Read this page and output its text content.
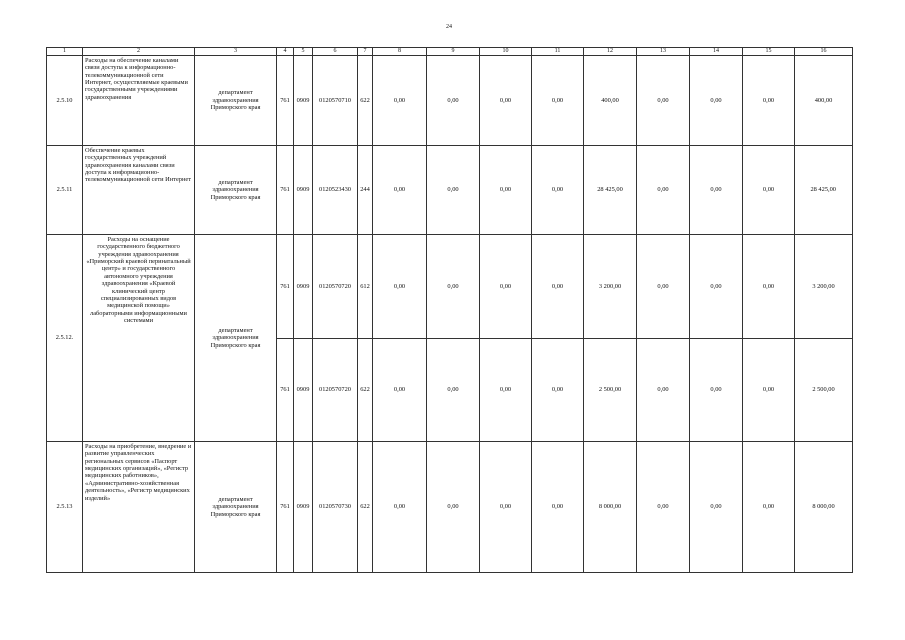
24
1	2	3	4	5	6	7	8	9	10	11	12	13	14	15	16
2.5.10	Расходы на обеспечение каналами связи доступа к информационно-телекоммуникационной сети Интернет, осуществляемые краевыми государственными учреждениями здравоохранения	департамент здравоохранения Приморского края	761	0909	0120570710	622	0,00	0,00	0,00	0,00	400,00	0,00	0,00	0,00	400,00
2.5.11	Обеспечение краевых государственных учреждений здравоохранения каналами связи доступа к информационно-телекоммуникационной сети Интернет	департамент здравоохранения Приморского края	761	0909	0120523430	244	0,00	0,00	0,00	0,00	28 425,00	0,00	0,00	0,00	28 425,00
2.5.12.	Расходы на оснащение государственного бюджетного учреждения здравоохранения «Приморский краевой перинатальный центр» и государственного автономного учреждения здравоохранения «Краевой клинический центр специализированных видов медицинской помощи» лабораторными информационными системами	департамент здравоохранения Приморского края	761	0909	0120570720	612	0,00	0,00	0,00	0,00	3 200,00	0,00	0,00	0,00	3 200,00
			761	0909	0120570720	622	0,00	0,00	0,00	0,00	2 500,00	0,00	0,00	0,00	2 500,00
2.5.13	Расходы на приобретение, внедрение и развитие управленческих региональных сервисов «Паспорт медицинских организаций», «Регистр медицинских работников», «Административно-хозяйственная деятельность», «Регистр медицинских изделий»	департамент здравоохранения Приморского края	761	0909	0120570730	622	0,00	0,00	0,00	0,00	8 000,00	0,00	0,00	0,00	8 000,00
